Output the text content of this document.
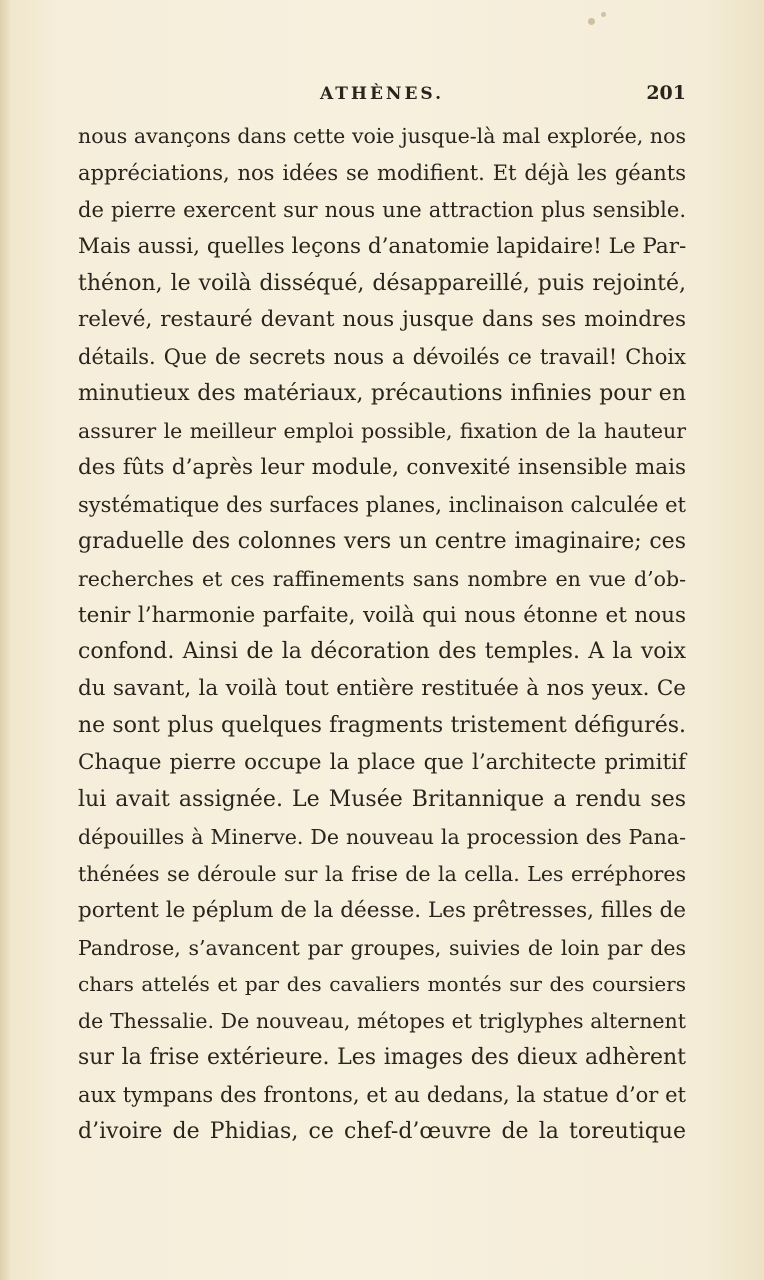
ATHÈNES.	201
nous avançons dans cette voie jusque-là mal explorée, nos
appréciations, nos idées se modifient. Et déjà les géants
de pierre exercent sur nous une attraction plus sensible.
Mais aussi, quelles leçons d’anatomie lapidaire! Le Par-
thénon, le voilà disséqué, désappareillé, puis rejointé,
relevé, restauré devant nous jusque dans ses moindres
détails. Que de secrets nous a dévoilés ce travail! Choix
minutieux des matériaux, précautions infinies pour en
assurer le meilleur emploi possible, fixation de la hauteur
des fûts d’après leur module, convexité insensible mais
systématique des surfaces planes, inclinaison calculée et
graduelle des colonnes vers un centre imaginaire; ces
recherches et ces raffinements sans nombre en vue d’ob-
tenir l’harmonie parfaite, voilà qui nous étonne et nous
confond. Ainsi de la décoration des temples. A la voix
du savant, la voilà tout entière restituée à nos yeux. Ce
ne sont plus quelques fragments tristement défigurés.
Chaque pierre occupe la place que l’architecte primitif
lui avait assignée. Le Musée Britannique a rendu ses
dépouilles à Minerve. De nouveau la procession des Pana-
thénées se déroule sur la frise de la cella. Les erréphores
portent le péplum de la déesse. Les prêtresses, filles de
Pandrose, s’avancent par groupes, suivies de loin par des
chars attelés et par des cavaliers montés sur des coursiers
de Thessalie. De nouveau, métopes et triglyphes alternent
sur la frise extérieure. Les images des dieux adhèrent
aux tympans des frontons, et au dedans, la statue d’or et
d’ivoire de Phidias, ce chef-d’œuvre de la toreutique
